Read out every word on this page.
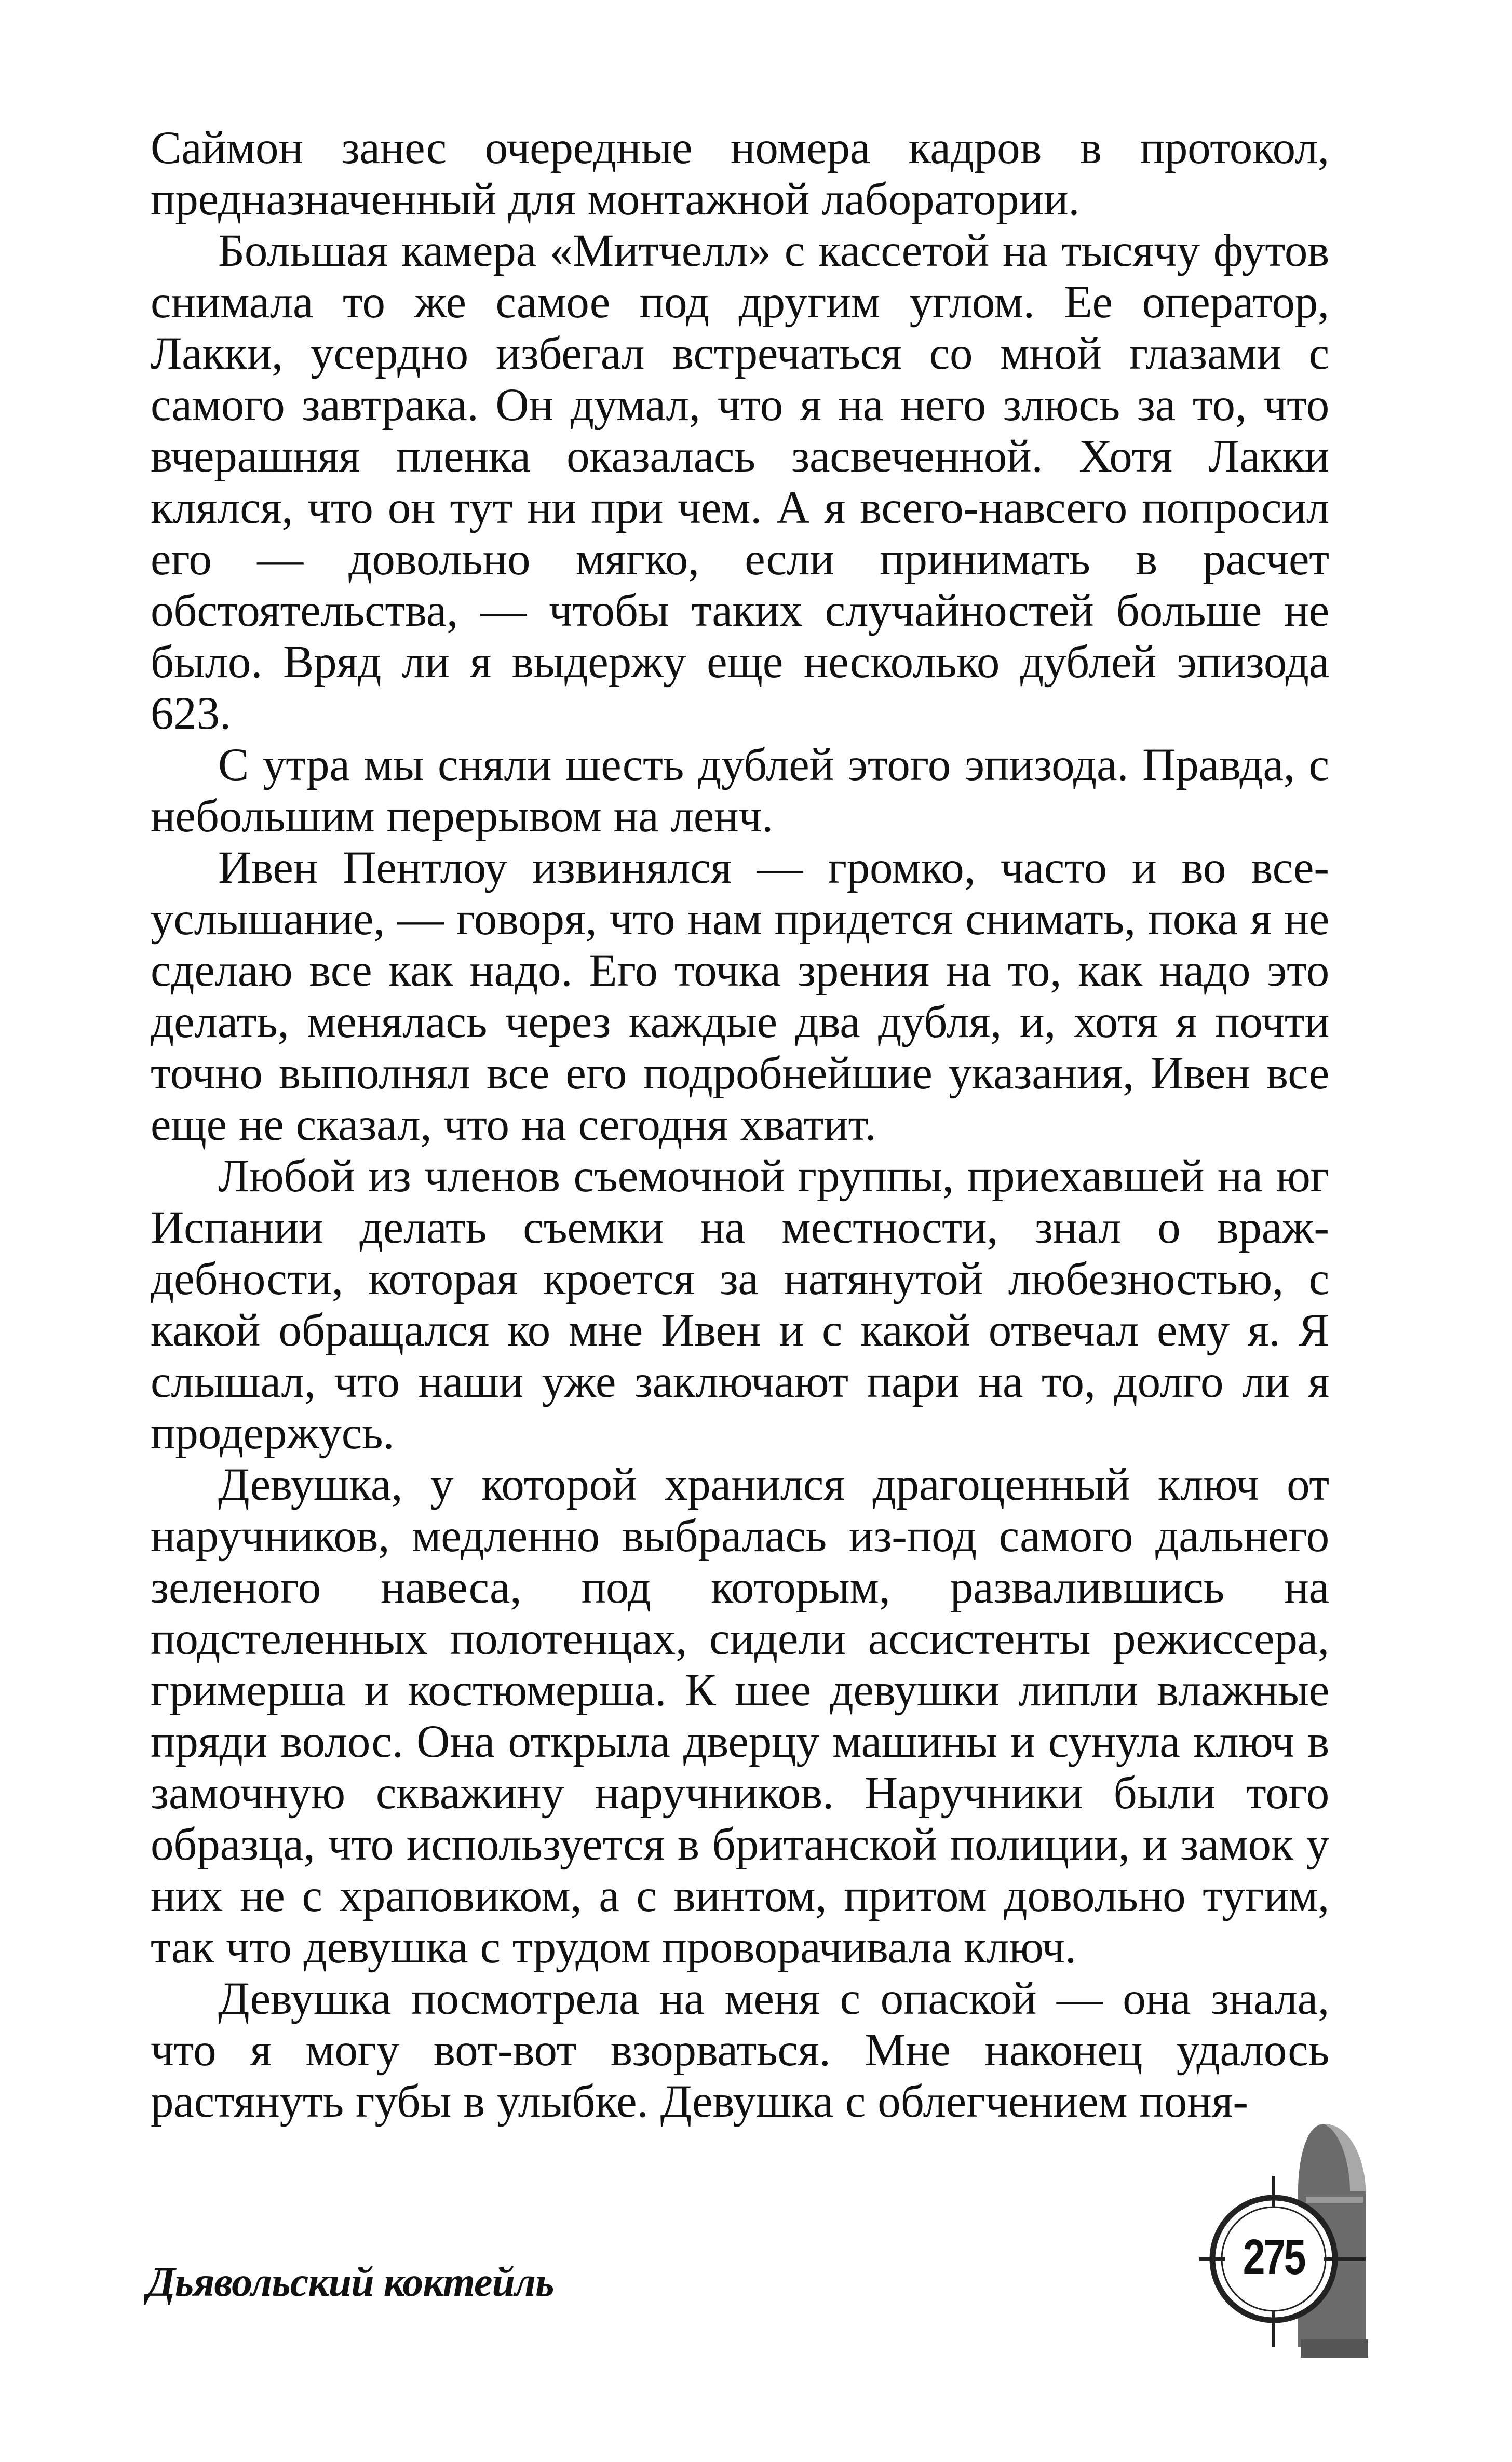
Саймон занес очередные номера кадров в протокол, предназначенный для монтажной лаборатории.

Большая камера «Митчелл» с кассетой на тысячу футов снимала то же самое под другим углом. Ее оператор, Лакки, усердно избегал встречаться со мной глазами с самого завтрака. Он думал, что я на него злюсь за то, что вчерашняя пленка оказалась засвеченной. Хотя Лакки клялся, что он тут ни при чем. А я всего-навсего попросил его — довольно мягко, если принимать в расчет обстоятельства, — чтобы таких случайностей больше не было. Вряд ли я выдержу еще несколько дублей эпизода 623.

С утра мы сняли шесть дублей этого эпизода. Правда, с небольшим перерывом на ленч.

Ивен Пентлоу извинялся — громко, часто и во всеуслышание, — говоря, что нам придется снимать, пока я не сделаю все как надо. Его точка зрения на то, как надо это делать, менялась через каждые два дубля, и, хотя я почти точно выполнял все его подробнейшие указания, Ивен все еще не сказал, что на сегодня хватит.

Любой из членов съемочной группы, приехавшей на юг Испании делать съемки на местности, знал о враждебности, которая кроется за натянутой любезностью, с какой обращался ко мне Ивен и с какой отвечал ему я. Я слышал, что наши уже заключают пари на то, долго ли я продержусь.

Девушка, у которой хранился драгоценный ключ от наручников, медленно выбралась из-под самого дальнего зеленого навеса, под которым, развалившись на подстеленных полотенцах, сидели ассистенты режиссера, гримерша и костюмерша. К шее девушки липли влажные пряди волос. Она открыла дверцу машины и сунула ключ в замочную скважину наручников. Наручники были того образца, что используется в британской полиции, и замок у них не с храповиком, а с винтом, притом довольно тугим, так что девушка с трудом проворачивала ключ.

Девушка посмотрела на меня с опаской — она знала, что я могу вот-вот взорваться. Мне наконец удалось растянуть губы в улыбке. Девушка с облегчением поня-

Дьявольский коктейль	275
